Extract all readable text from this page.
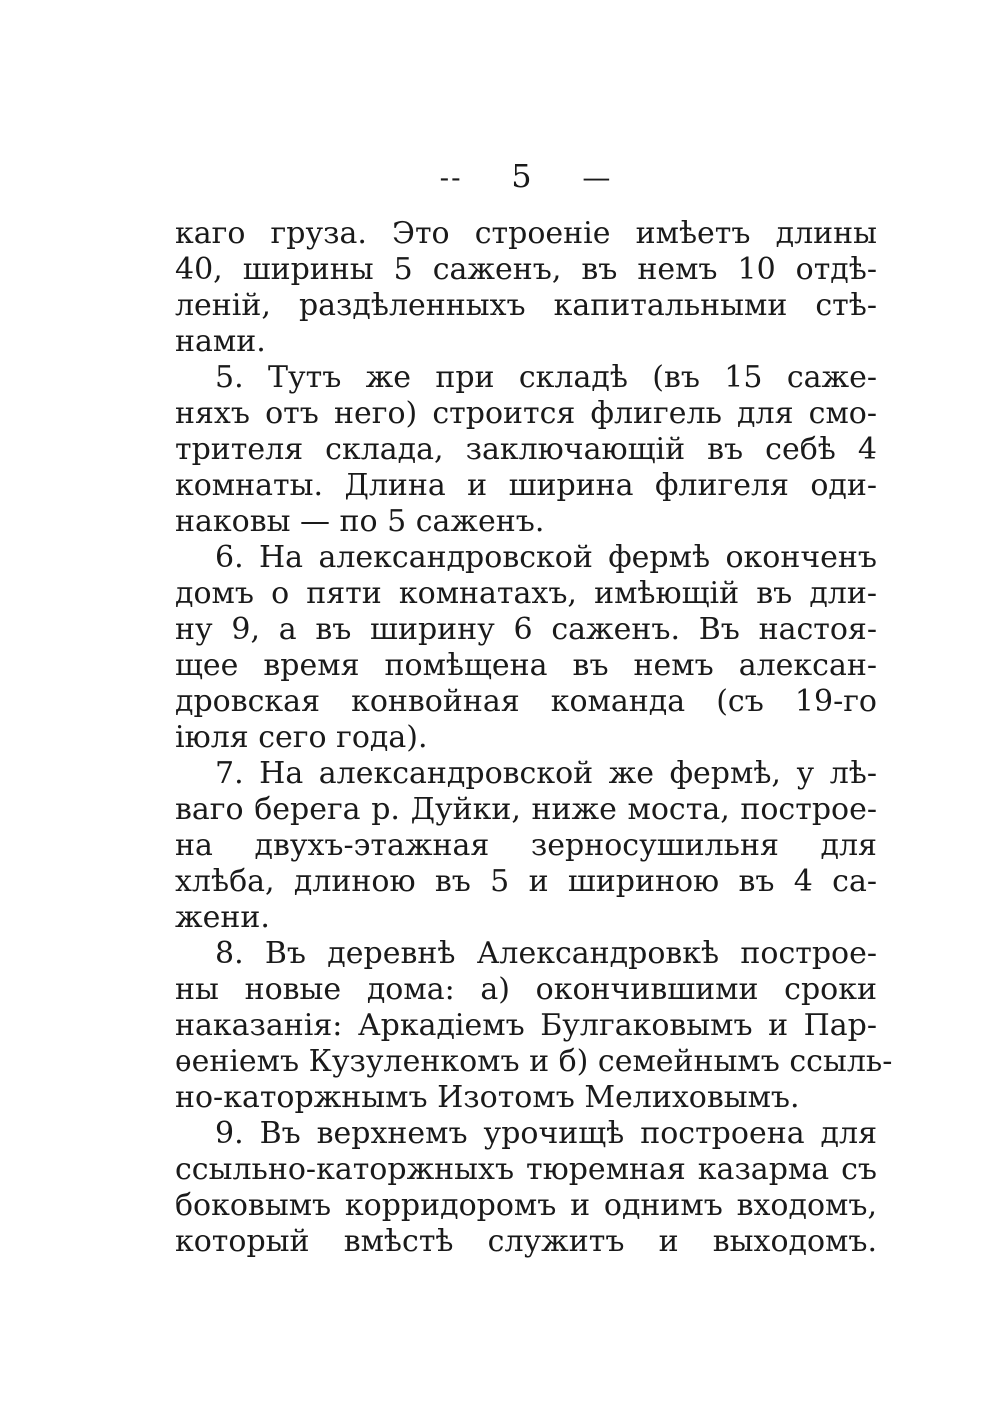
-- 5 —
каго груза. Это строеніе имѣетъ длины
40, ширины 5 саженъ, въ немъ 10 отдѣ-
леній, раздѣленныхъ капитальными стѣ-
нами.
5. Тутъ же при складѣ (въ 15 саже-
няхъ отъ него) строится флигель для смо-
трителя склада, заключающій въ себѣ 4
комнаты. Длина и ширина флигеля оди-
наковы — по 5 саженъ.
6. На александровской фермѣ оконченъ
домъ о пяти комнатахъ, имѣющій въ дли-
ну 9, а въ ширину 6 саженъ. Въ настоя-
щее время помѣщена въ немъ алексан-
дровская конвойная команда (съ 19-го
іюля сего года).
7. На александровской же фермѣ, у лѣ-
ваго берега р. Дуйки, ниже моста, построе-
на двухъ-этажная зерносушильня для
хлѣба, длиною въ 5 и шириною въ 4 са-
жени.
8. Въ деревнѣ Александровкѣ построе-
ны новые дома: а) окончившими сроки
наказанія: Аркадіемъ Булгаковымъ и Пар-
ѳеніемъ Кузуленкомъ и б) семейнымъ ссыль-
но-каторжнымъ Изотомъ Мелиховымъ.
9. Въ верхнемъ урочищѣ построена для
ссыльно-каторжныхъ тюремная казарма съ
боковымъ корридоромъ и однимъ входомъ,
который вмѣстѣ служитъ и выходомъ.
